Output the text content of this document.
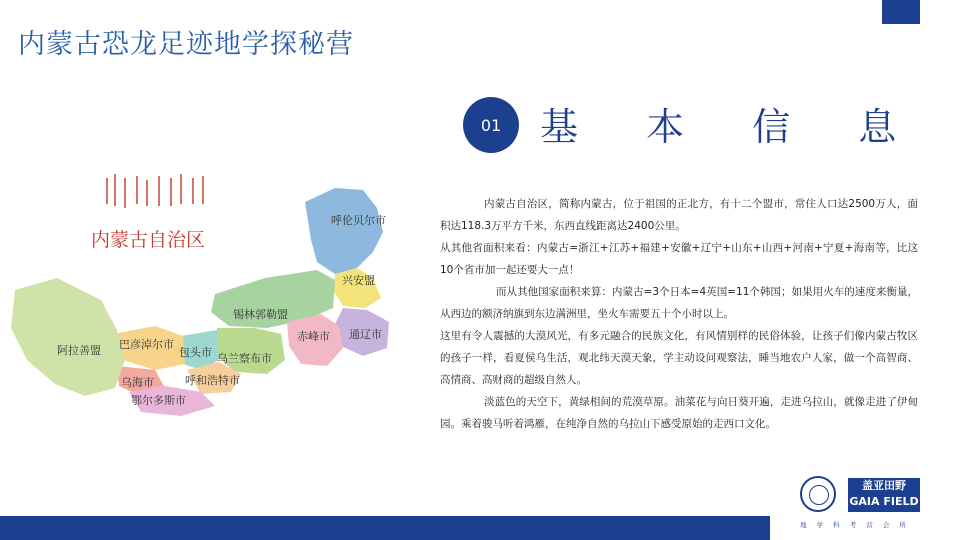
内蒙古恐龙足迹地学探秘营
01	基 本 信 息

内蒙古自治区，简称内蒙古，位于祖国的正北方，有十二个盟市，常住人口达2500万人，面积达118.3万平方千米，东西直线距离达2400公里。

从其他省面积来看：内蒙古=浙江+江苏+福建+安徽+辽宁+山东+山西+河南+宁夏+海南等，比这10个省市加一起还要大一点！

而从其他国家面积来算：内蒙古=3个日本=4英国=11个韩国；如果用火车的速度来衡量，从西边的额济纳旗到东边满洲里，坐火车需要五十个小时以上。

这里有令人震撼的大漠风光，有多元融合的民族文化，有风情别样的民俗体验，让孩子们像内蒙古牧区的孩子一样，看夏侯乌生活，观北纬天漠天象，学主动设问观察法，睡当地农户人家，做一个高智商、高情商、高财商的超级自然人。

淡蓝色的天空下，黄绿相间的荒漠草原。油菜花与向日葵开遍，走进乌拉山，就像走进了伊甸园。乘着骏马听着鸿雁，在纯净自然的乌拉山下感受原始的走西口文化。

内蒙古自治区
呼伦贝尔市
兴安盟
锡林郭勒盟
赤峰市 通辽市
阿拉善盟 巴彦淖尔市
包头市 乌兰察布市
乌海市	呼和浩特市
鄂尔多斯市
盖亚田野
GAIA FIELD
地 学 科 考 营 会 所
